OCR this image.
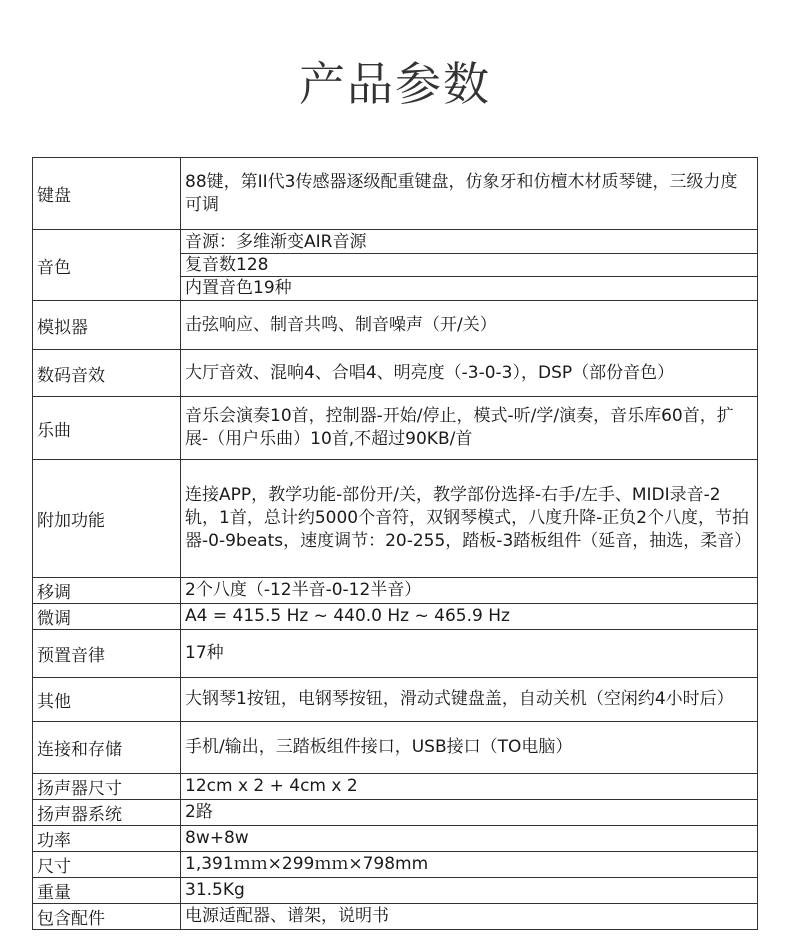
产品参数
键盘	88键，第II代3传感器逐级配重键盘，仿象牙和仿檀木材质琴键，三级力度可调
音色	音源：多维渐变AIR音源
复音数128
内置音色19种

模拟器	击弦响应、制音共鸣、制音噪声（开/关）
数码音效	大厅音效、混响4、合唱4、明亮度（-3-0-3），DSP（部份音色）
乐曲	音乐会演奏10首，控制器-开始/停止，模式-听/学/演奏，音乐库60首，扩展-（用户乐曲）10首,不超过90KB/首
附加功能	连接APP，教学功能-部份开/关，教学部份选择-右手/左手、MIDI录音-2轨，1首，总计约5000个音符，双钢琴模式，八度升降-正负2个八度，节拍器-0-9beats，速度调节：20-255，踏板-3踏板组件（延音，抽选，柔音）
移调	2个八度（-12半音-0-12半音）
微调	A4 = 415.5 Hz ~ 440.0 Hz ~ 465.9 Hz
预置音律	17种
其他	大钢琴1按钮，电钢琴按钮，滑动式键盘盖，自动关机（空闲约4小时后）
连接和存储	手机/输出，三踏板组件接口，USB接口（TO电脑）
扬声器尺寸	12cm x 2 + 4cm x 2
扬声器系统	2路
功率	8w+8w
尺寸	1,391ｍｍ×299ｍｍ×798mm
重量	31.5Kg
包含配件	电源适配器、谱架，说明书
